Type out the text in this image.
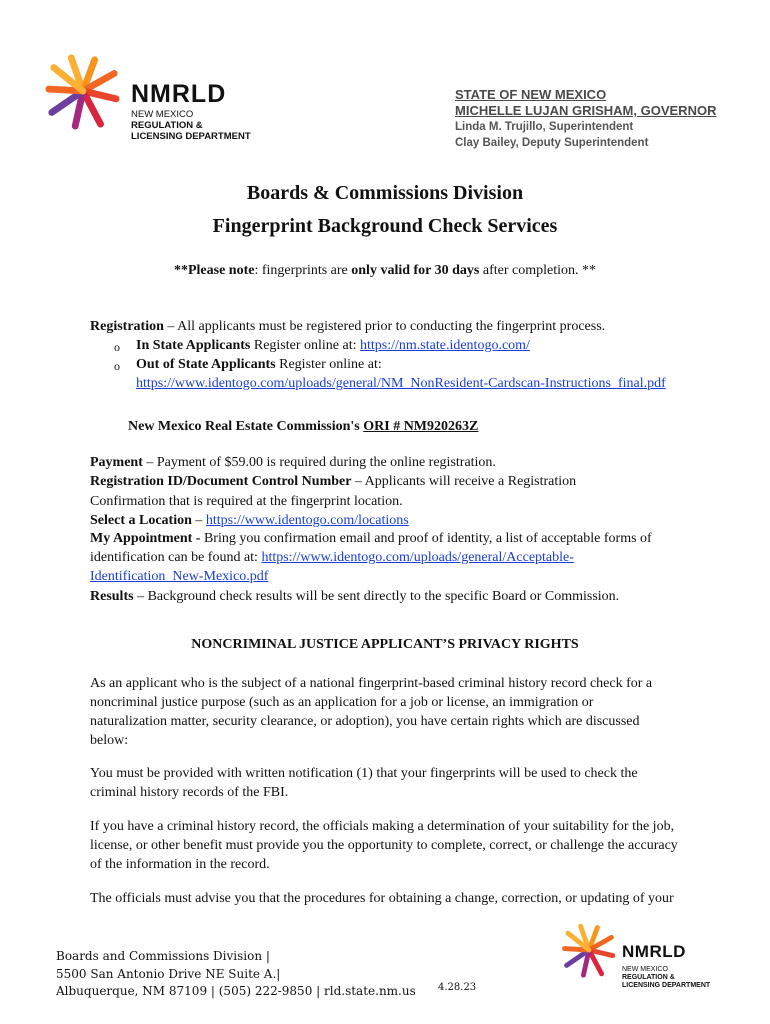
NMRLD
NEW MEXICO
REGULATION &
LICENSING DEPARTMENT
STATE OF NEW MEXICO
MICHELLE LUJAN GRISHAM, GOVERNOR
Linda M. Trujillo, Superintendent
Clay Bailey, Deputy Superintendent
Boards & Commissions Division
Fingerprint Background Check Services
**Please note: fingerprints are only valid for 30 days after completion. **
Registration – All applicants must be registered prior to conducting the fingerprint process.
o In State Applicants Register online at: https://nm.state.identogo.com/
o Out of State Applicants Register online at:
https://www.identogo.com/uploads/general/NM_NonResident-Cardscan-Instructions_final.pdf
New Mexico Real Estate Commission's ORI # NM920263Z
Payment – Payment of $59.00 is required during the online registration.
Registration ID/Document Control Number – Applicants will receive a Registration
Confirmation that is required at the fingerprint location.
Select a Location – https://www.identogo.com/locations
My Appointment - Bring you confirmation email and proof of identity, a list of acceptable forms of
identification can be found at: https://www.identogo.com/uploads/general/Acceptable-
Identification_New-Mexico.pdf
Results – Background check results will be sent directly to the specific Board or Commission.
NONCRIMINAL JUSTICE APPLICANT’S PRIVACY RIGHTS
As an applicant who is the subject of a national fingerprint-based criminal history record check for a
noncriminal justice purpose (such as an application for a job or license, an immigration or
naturalization matter, security clearance, or adoption), you have certain rights which are discussed
below:
You must be provided with written notification (1) that your fingerprints will be used to check the
criminal history records of the FBI.
If you have a criminal history record, the officials making a determination of your suitability for the job,
license, or other benefit must provide you the opportunity to complete, correct, or challenge the accuracy
of the information in the record.
The officials must advise you that the procedures for obtaining a change, correction, or updating of your
Boards and Commissions Division |
5500 San Antonio Drive NE Suite A.|
Albuquerque, NM 87109 | (505) 222-9850 | rld.state.nm.us 4.28.23
NMRLD
NEW MEXICO
REGULATION &
LICENSING DEPARTMENT
